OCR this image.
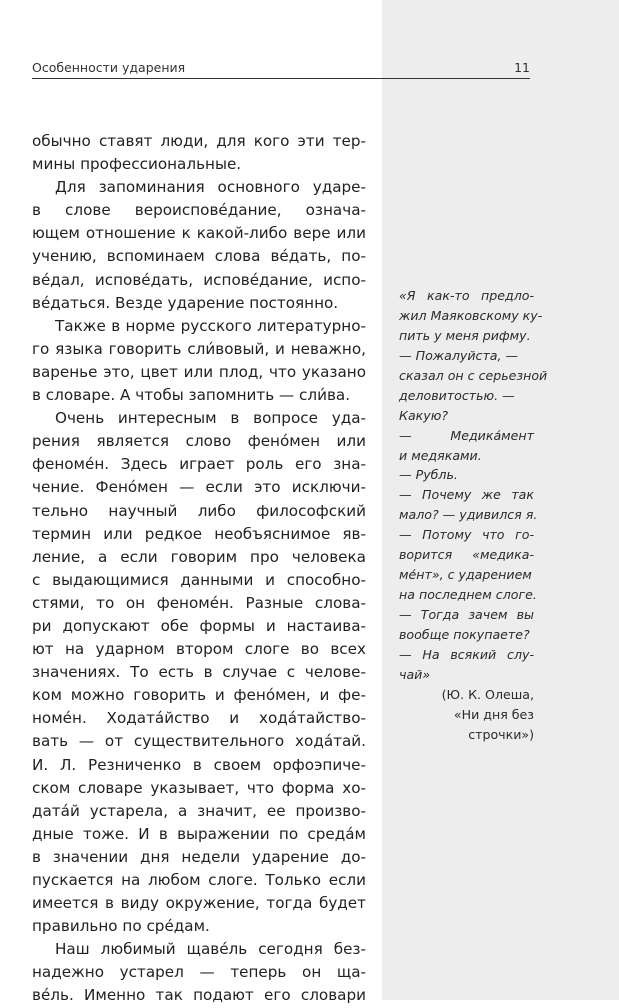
Особенности ударения	11
обычно ставят люди, для кого эти тер-
мины профессиональные.
Для запоминания основного ударе-
в слове вероиспове́дание, означа-
ющем отношение к какой-либо вере или
учению, вспоминаем слова ве́дать, по-
ве́дал, испове́дать, испове́дание, испо-
ве́даться. Везде ударение постоянно.
Также в норме русского литературно-
го языка говорить сли́вовый, и неважно,
варенье это, цвет или плод, что указано
в словаре. А чтобы запомнить — сли́ва.
Очень интересным в вопросе уда-
рения является слово фено́мен или
феноме́н. Здесь играет роль его зна-
чение. Фено́мен — если это исключи-
тельно научный либо философский
термин или редкое необъяснимое яв-
ление, а если говорим про человека
с выдающимися данными и способно-
стями, то он феноме́н. Разные слова-
ри допускают обе формы и настаива-
ют на ударном втором слоге во всех
значениях. То есть в случае с челове-
ком можно говорить и фено́мен, и фе-
номе́н. Ходата́йство и хода́тайство-
вать — от существительного хода́тай.
И. Л. Резниченко в своем орфоэпиче-
ском словаре указывает, что форма хо-
дата́й устарела, а значит, ее произво-
дные тоже. И в выражении по среда́м
в значении дня недели ударение до-
пускается на любом слоге. Только если
имеется в виду окружение, тогда будет
правильно по сре́дам.
Наш любимый щаве́ль сегодня без-
надежно устарел — теперь он ща-
ве́ль. Именно так подают его словари
«Я как-то предло-
жил Маяковскому ку-
пить у меня рифму.
— Пожалуйста, —
сказал он с серьезной
деловитостью. —
Какую?
— Медика́мент
и медяками.
— Рубль.
— Почему же так
мало? — удивился я.
— Потому что го-
ворится «медика-
ме́нт», с ударением
на последнем слоге.
— Тогда зачем вы
вообще покупаете?
— На всякий слу-
чай»
(Ю. К. Олеша,
«Ни дня без
строчки»)
